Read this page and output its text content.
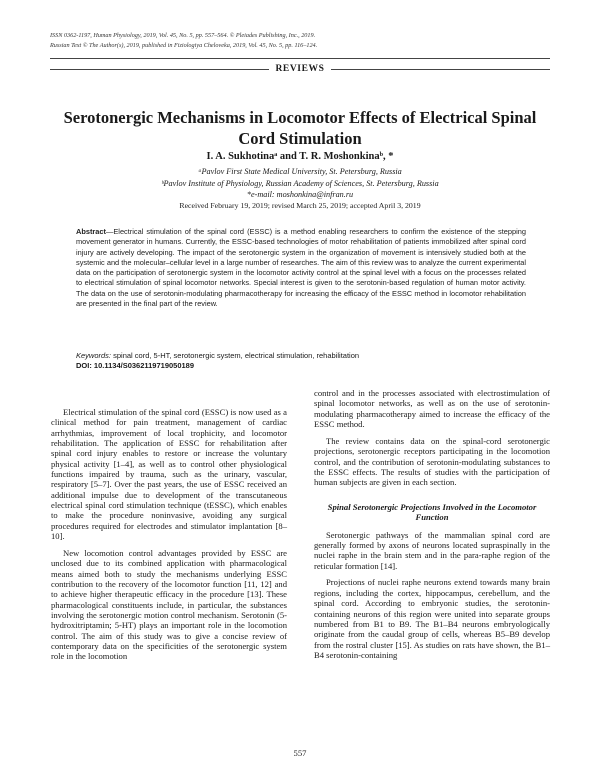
ISSN 0362-1197, Human Physiology, 2019, Vol. 45, No. 5, pp. 557–564. © Pleiades Publishing, Inc., 2019.
Russian Text © The Author(s), 2019, published in Fiziologiya Cheloveka, 2019, Vol. 45, No. 5, pp. 116–124.
REVIEWS
Serotonergic Mechanisms in Locomotor Effects of Electrical Spinal Cord Stimulation
I. A. Sukhotinaᵃ and T. R. Moshonkinaᵇ, *
ᵃPavlov First State Medical University, St. Petersburg, Russia
ᵇPavlov Institute of Physiology, Russian Academy of Sciences, St. Petersburg, Russia
*e-mail: moshonkina@infran.ru
Received February 19, 2019; revised March 25, 2019; accepted April 3, 2019
Abstract—Electrical stimulation of the spinal cord (ESSC) is a method enabling researchers to confirm the existence of the stepping movement generator in humans. Currently, the ESSC-based technologies of motor rehabilitation of patients immobilized after spinal cord injury are actively developing. The impact of the serotonergic system in the organization of movement is intensively studied both at the systemic and the molecular–cellular level in a large number of researches. The aim of this review was to analyze the current experimental data on the participation of serotonergic system in the locomotor activity control at the spinal level with a focus on the processes related to electrical stimulation of spinal locomotor networks. Special interest is given to the serotonin-based regulation of human motor activity. The data on the use of serotonin-modulating pharmacotherapy for increasing the efficacy of the ESSC method in locomotor rehabilitation are presented in the final part of the review.
Keywords: spinal cord, 5-HT, serotonergic system, electrical stimulation, rehabilitation
DOI: 10.1134/S0362119719050189

Electrical stimulation of the spinal cord (ESSC) is now used as a clinical method for pain treatment, management of cardiac arrhythmias, improvement of local trophicity, and locomotor rehabilitation. The application of ESSC for rehabilitation after spinal cord injury enables to restore or increase the voluntary physical activity [1–4], as well as to control other physiological functions impaired by trauma, such as the urinary, vascular, respiratory [5–7]. Over the past years, the use of ESSC received an additional impulse due to development of the transcutaneous electrical spinal cord stimulation technique (tESSC), which enables to make the procedure noninvasive, avoiding any surgical procedures required for electrodes and stimulator implantation [8–10].

New locomotion control advantages provided by ESSC are unclosed due to its combined application with pharmacological means aimed both to study the mechanisms underlying ESSC contribution to the recovery of the locomotor function [11, 12] and to achieve higher therapeutic efficacy in the procedure [13]. These pharmacological constituents include, in particular, the substances involving the serotonergic motion control mechanism. Serotonin (5-hydroxitriptamin; 5-HT) plays an important role in the locomotion control. The aim of this study was to give a concise review of contemporary data on the specificities of the serotonergic system role in the locomotion

control and in the processes associated with electrostimulation of spinal locomotor networks, as well as on the use of serotonin-modulating pharmacotherapy aimed to increase the efficacy of the ESSC method.

The review contains data on the spinal-cord serotonergic projections, serotonergic receptors participating in the locomotion control, and the contribution of serotonin-modulating substances to the ESSC effects. The results of studies with the participation of human subjects are given in each section.

Spinal Serotonergic Projections Involved in the Locomotor Function

Serotonergic pathways of the mammalian spinal cord are generally formed by axons of neurons located supraspinally in the nuclei raphe in the brain stem and in the para-raphe region of the reticular formation [14].

Projections of nuclei raphe neurons extend towards many brain regions, including the cortex, hippocampus, cerebellum, and the spinal cord. According to embryonic studies, the serotonin-containing neurons of this region were united into separate groups numbered from B1 to B9. The B1–B4 neurons embryologically originate from the caudal group of cells, whereas B5–B9 develop from the rostral cluster [15]. As studies on rats have shown, the B1–B4 serotonin-containing

557
